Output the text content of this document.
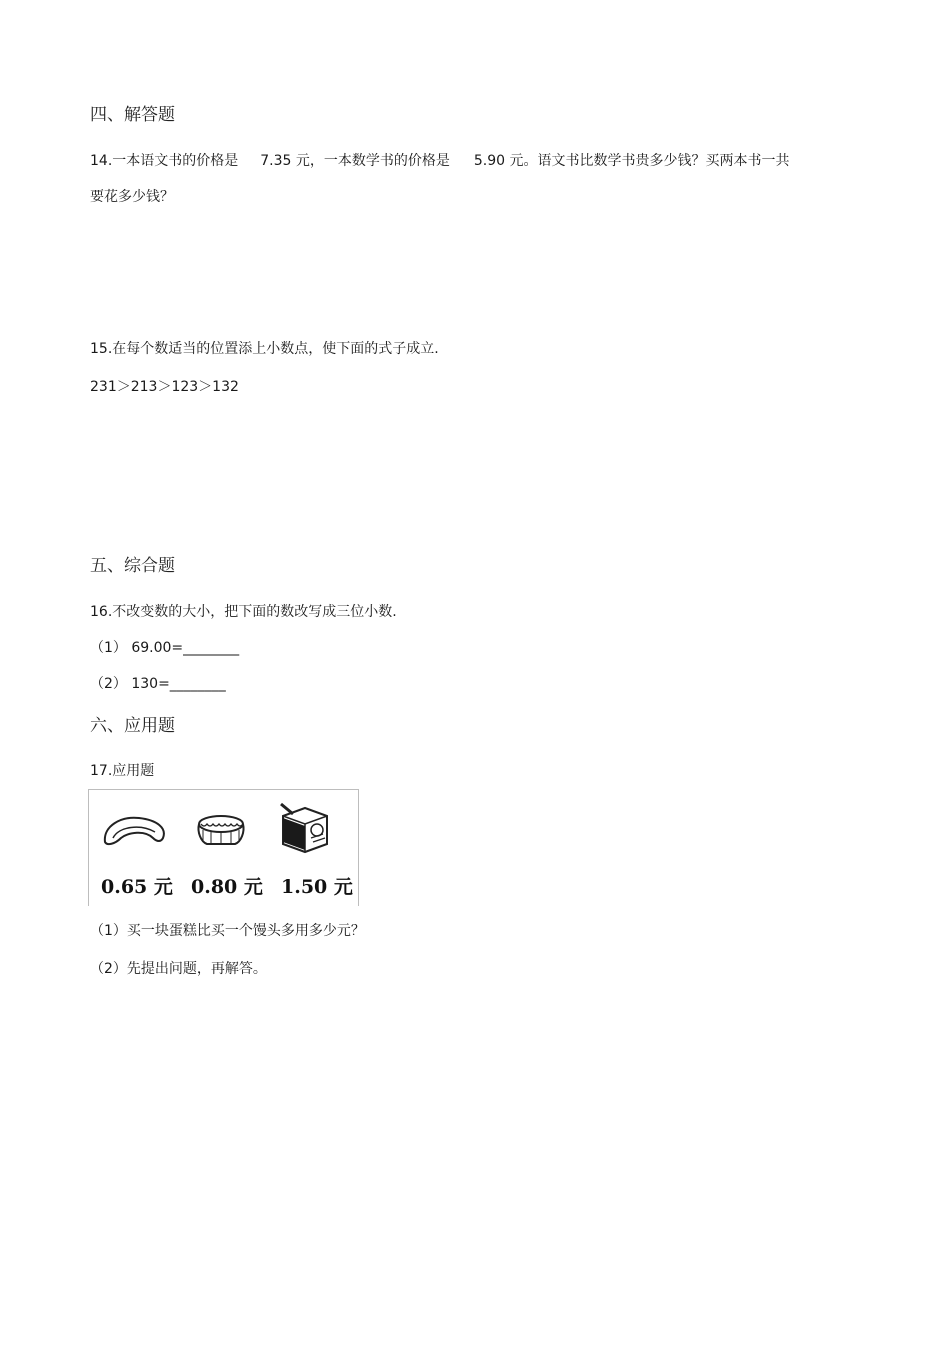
四、解答题
14.一本语文书的价格是 7.35 元，一本数学书的价格是 5.90 元。语文书比数学书贵多少钱？买两本书一共
要花多少钱？
15.在每个数适当的位置添上小数点，使下面的式子成立.
231＞213＞123＞132
五、综合题
16.不改变数的大小，把下面的数改写成三位小数.
（1） 69.00=________
（2） 130=________
六、应用题
17.应用题
0.65 元 0.80 元 1.50 元
（1）买一块蛋糕比买一个馒头多用多少元？
（2）先提出问题，再解答。
